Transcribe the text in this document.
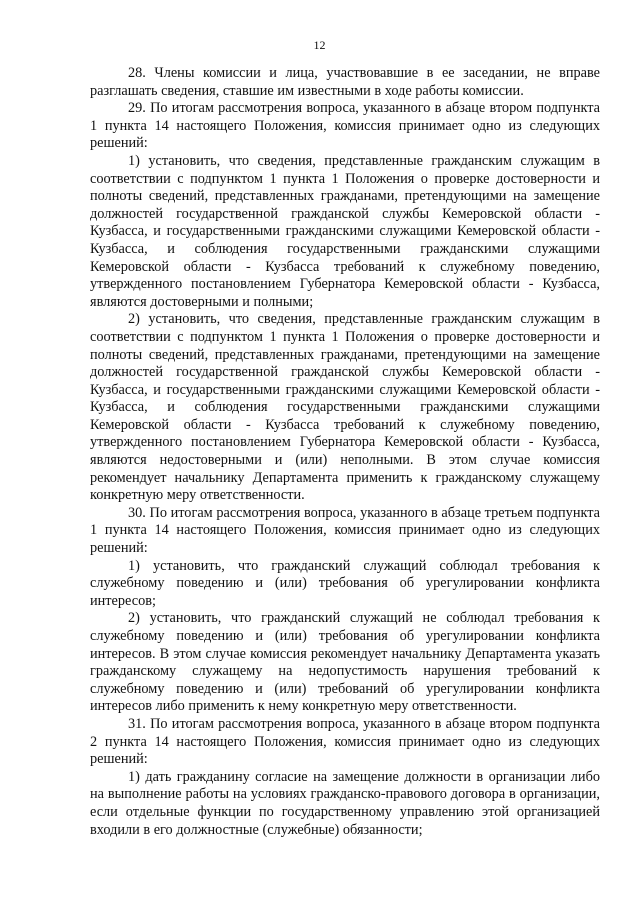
12

28. Члены комиссии и лица, участвовавшие в ее заседании, не вправе разглашать сведения, ставшие им известными в ходе работы комиссии.

29. По итогам рассмотрения вопроса, указанного в абзаце втором подпункта 1 пункта 14 настоящего Положения, комиссия принимает одно из следующих решений:

1) установить, что сведения, представленные гражданским служащим в соответствии с подпунктом 1 пункта 1 Положения о проверке достоверности и полноты сведений, представленных гражданами, претендующими на замещение должностей государственной гражданской службы Кемеровской области - Кузбасса, и государственными гражданскими служащими Кемеровской области - Кузбасса, и соблюдения государственными гражданскими служащими Кемеровской области - Кузбасса требований к служебному поведению, утвержденного постановлением Губернатора Кемеровской области - Кузбасса, являются достоверными и полными;

2) установить, что сведения, представленные гражданским служащим в соответствии с подпунктом 1 пункта 1 Положения о проверке достоверности и полноты сведений, представленных гражданами, претендующими на замещение должностей государственной гражданской службы Кемеровской области - Кузбасса, и государственными гражданскими служащими Кемеровской области - Кузбасса, и соблюдения государственными гражданскими служащими Кемеровской области - Кузбасса требований к служебному поведению, утвержденного постановлением Губернатора Кемеровской области - Кузбасса, являются недостоверными и (или) неполными. В этом случае комиссия рекомендует начальнику Департамента применить к гражданскому служащему конкретную меру ответственности.

30. По итогам рассмотрения вопроса, указанного в абзаце третьем подпункта 1 пункта 14 настоящего Положения, комиссия принимает одно из следующих решений:

1) установить, что гражданский служащий соблюдал требования к служебному поведению и (или) требования об урегулировании конфликта интересов;

2) установить, что гражданский служащий не соблюдал требования к служебному поведению и (или) требования об урегулировании конфликта интересов. В этом случае комиссия рекомендует начальнику Департамента указать гражданскому служащему на недопустимость нарушения требований к служебному поведению и (или) требований об урегулировании конфликта интересов либо применить к нему конкретную меру ответственности.

31. По итогам рассмотрения вопроса, указанного в абзаце втором подпункта 2 пункта 14 настоящего Положения, комиссия принимает одно из следующих решений:

1) дать гражданину согласие на замещение должности в организации либо на выполнение работы на условиях гражданско-правового договора в организации, если отдельные функции по государственному управлению этой организацией входили в его должностные (служебные) обязанности;
